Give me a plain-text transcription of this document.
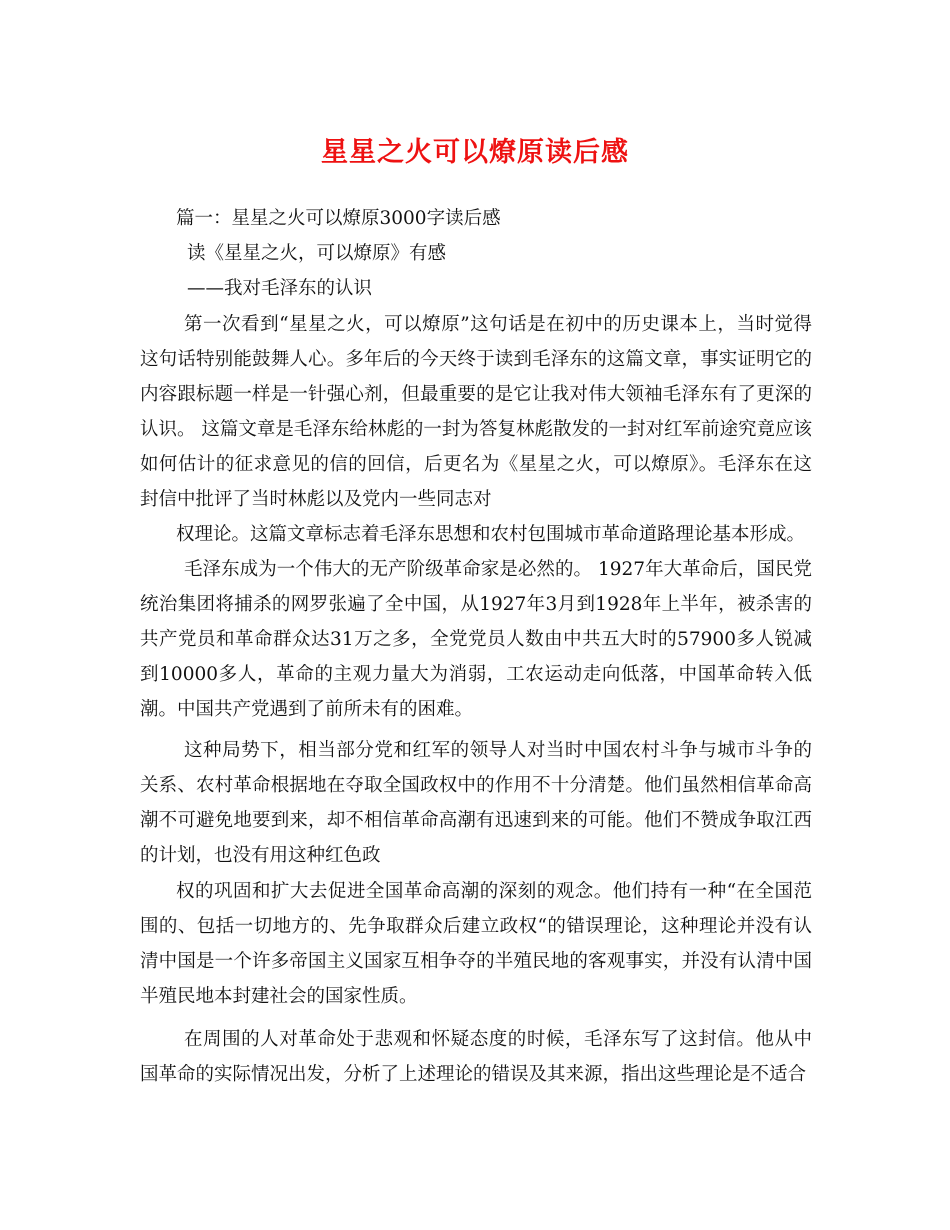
星星之火可以燎原读后感

篇一：星星之火可以燎原3000字读后感

读《星星之火，可以燎原》有感

——我对毛泽东的认识

第一次看到“星星之火，可以燎原”这句话是在初中的历史课本上，当时觉得这句话特别能鼓舞人心。多年后的今天终于读到毛泽东的这篇文章，事实证明它的内容跟标题一样是一针强心剂，但最重要的是它让我对伟大领袖毛泽东有了更深的认识。 这篇文章是毛泽东给林彪的一封为答复林彪散发的一封对红军前途究竟应该如何估计的征求意见的信的回信，后更名为《星星之火，可以燎原》。毛泽东在这封信中批评了当时林彪以及党内一些同志对

权理论。这篇文章标志着毛泽东思想和农村包围城市革命道路理论基本形成。

毛泽东成为一个伟大的无产阶级革命家是必然的。 1927年大革命后，国民党统治集团将捕杀的网罗张遍了全中国，从1927年3月到1928年上半年，被杀害的共产党员和革命群众达31万之多，全党党员人数由中共五大时的57900多人锐减到10000多人，革命的主观力量大为消弱，工农运动走向低落，中国革命转入低潮。中国共产党遇到了前所未有的困难。

这种局势下，相当部分党和红军的领导人对当时中国农村斗争与城市斗争的关系、农村革命根据地在夺取全国政权中的作用不十分清楚。他们虽然相信革命高潮不可避免地要到来，却不相信革命高潮有迅速到来的可能。他们不赞成争取江西的计划，也没有用这种红色政

权的巩固和扩大去促进全国革命高潮的深刻的观念。他们持有一种“在全国范围的、包括一切地方的、先争取群众后建立政权“的错误理论，这种理论并没有认清中国是一个许多帝国主义国家互相争夺的半殖民地的客观事实，并没有认清中国半殖民地本封建社会的国家性质。

在周围的人对革命处于悲观和怀疑态度的时候，毛泽东写了这封信。他从中国革命的实际情况出发，分析了上述理论的错误及其来源，指出这些理论是不适合
